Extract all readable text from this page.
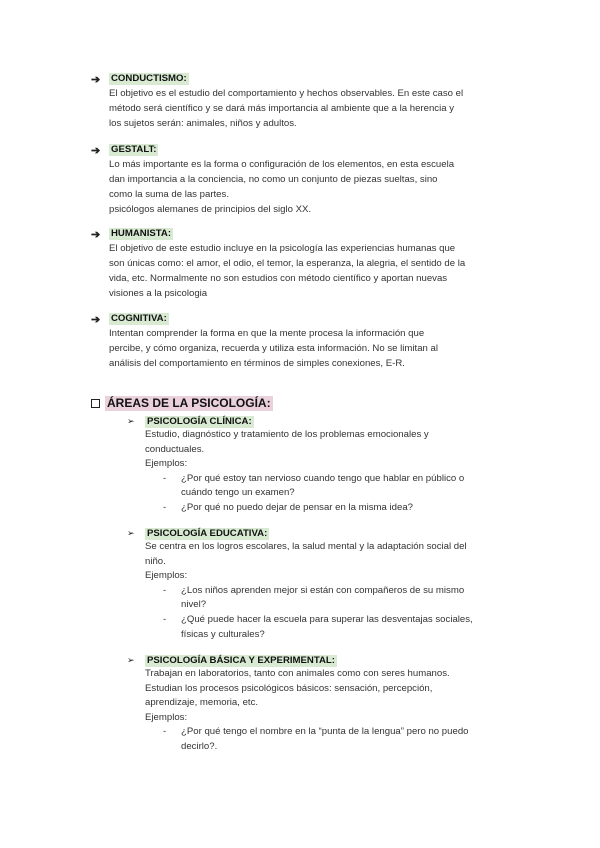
➔	CONDUCTISMO:

El objetivo es el estudio del comportamiento y hechos observables. En este caso el

método será científico y se dará más importancia al ambiente que a la herencia y

los sujetos serán: animales, niños y adultos.

➔	GESTALT:

Lo más importante es la forma o configuración de los elementos, en esta escuela

dan importancia a la conciencia, no como un conjunto de piezas sueltas, sino

como la suma de las partes.

psicólogos alemanes de principios del siglo XX.

➔	HUMANISTA:

El objetivo de este estudio incluye en la psicología las experiencias humanas que

son únicas como: el amor, el odio, el temor, la esperanza, la alegria, el sentido de la

vida, etc. Normalmente no son estudios con método científico y aportan nuevas

visiones a la psicologia

➔	COGNITIVA:

Intentan comprender la forma en que la mente procesa la información que

percibe, y cómo organiza, recuerda y utiliza esta información. No se limitan al

análisis del comportamiento en términos de simples conexiones, E-R.

ÁREAS DE LA PSICOLOGÍA:
➢	PSICOLOGÍA CLÍNICA:

Estudio, diagnóstico y tratamiento de los problemas emocionales y

conductuales.

Ejemplos:

-	¿Por qué estoy tan nervioso cuando tengo que hablar en público o
cuándo tengo un examen?
-	¿Por qué no puedo dejar de pensar en la misma idea?
➢	PSICOLOGÍA EDUCATIVA:

Se centra en los logros escolares, la salud mental y la adaptación social del

niño.

Ejemplos:

-	¿Los niños aprenden mejor si están con compañeros de su mismo
nivel?
-	¿Qué puede hacer la escuela para superar las desventajas sociales,
físicas y culturales?
➢	PSICOLOGÍA BÁSICA Y EXPERIMENTAL:

Trabajan en laboratorios, tanto con animales como con seres humanos.

Estudian los procesos psicológicos básicos: sensación, percepción,

aprendizaje, memoria, etc.

Ejemplos:

-	¿Por qué tengo el nombre en la “punta de la lengua” pero no puedo
decirlo?.
